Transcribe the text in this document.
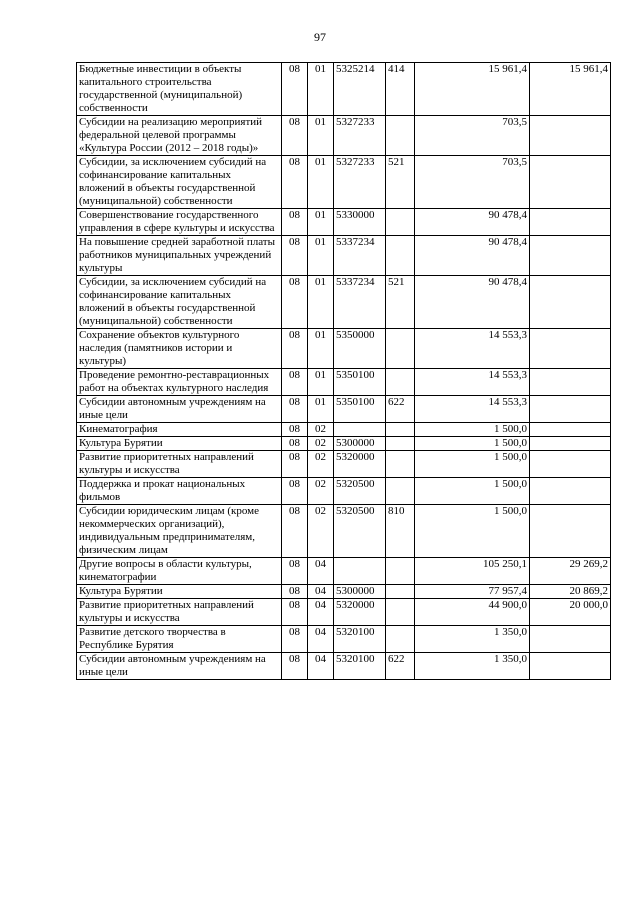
97
Бюджетные инвестиции в объекты капитального строительства государственной (муниципальной) собственности	08	01	5325214	414	15 961,4	15 961,4
Субсидии на реализацию мероприятий федеральной целевой программы «Культура России (2012 – 2018 годы)»	08	01	5327233		703,5	
Субсидии, за исключением субсидий на софинансирование капитальных вложений в объекты государственной (муниципальной) собственности	08	01	5327233	521	703,5	
Совершенствование государственного управления в сфере культуры и искусства	08	01	5330000		90 478,4	
На повышение средней заработной платы работников муниципальных учреждений культуры	08	01	5337234		90 478,4	
Субсидии, за исключением субсидий на софинансирование капитальных вложений в объекты государственной (муниципальной) собственности	08	01	5337234	521	90 478,4	
Сохранение объектов культурного наследия (памятников истории и культуры)	08	01	5350000		14 553,3	
Проведение ремонтно-реставрационных работ на объектах культурного наследия	08	01	5350100		14 553,3	
Субсидии автономным учреждениям на иные цели	08	01	5350100	622	14 553,3	
Кинематография	08	02			1 500,0	
Культура Бурятии	08	02	5300000		1 500,0	
Развитие приоритетных направлений культуры и искусства	08	02	5320000		1 500,0	
Поддержка и прокат национальных фильмов	08	02	5320500		1 500,0	
Субсидии юридическим лицам (кроме некоммерческих организаций), индивидуальным предпринимателям, физическим лицам	08	02	5320500	810	1 500,0	
Другие вопросы в области культуры, кинематографии	08	04			105 250,1	29 269,2
Культура Бурятии	08	04	5300000		77 957,4	20 869,2
Развитие приоритетных направлений культуры и искусства	08	04	5320000		44 900,0	20 000,0
Развитие детского творчества в Республике Бурятия	08	04	5320100		1 350,0	
Субсидии автономным учреждениям на иные цели	08	04	5320100	622	1 350,0	
